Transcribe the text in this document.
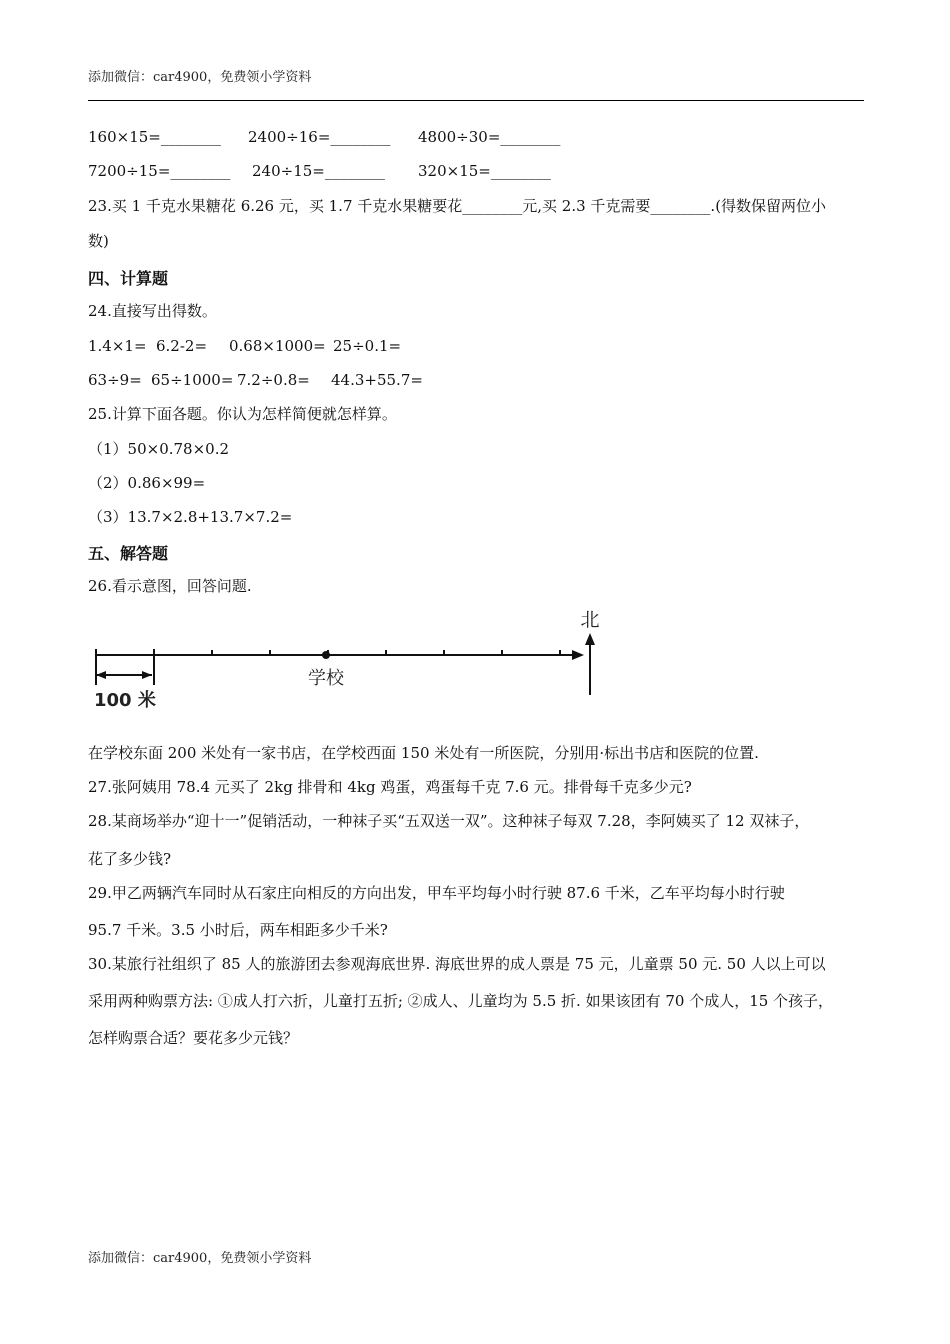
添加微信：car4900，免费领小学资料
160×15=________ 2400÷16=________ 4800÷30=________
7200÷15=________ 240÷15=________ 320×15=________
23.买 1 千克水果糖花 6.26 元，买 1.7 千克水果糖要花________元,买 2.3 千克需要________.(得数保留两位小
数)
四、计算题
24.直接写出得数。
1.4×1= 6.2-2= 0.68×1000= 25÷0.1=
63÷9= 65÷1000= 7.2÷0.8= 44.3+55.7=
25.计算下面各题。你认为怎样简便就怎样算。
（1）50×0.78×0.2
（2）0.86×99=
（3）13.7×2.8+13.7×7.2=
五、解答题
26.看示意图，回答问题.
学校
北
100 米
在学校东面 200 米处有一家书店，在学校西面 150 米处有一所医院，分别用·标出书店和医院的位置.
27.张阿姨用 78.4 元买了 2kg 排骨和 4kg 鸡蛋，鸡蛋每千克 7.6 元。排骨每千克多少元?
28.某商场举办“迎十一”促销活动，一种袜子买“五双送一双”。这种袜子每双 7.28，李阿姨买了 12 双袜子，
花了多少钱?
29.甲乙两辆汽车同时从石家庄向相反的方向出发，甲车平均每小时行驶 87.6 千米，乙车平均每小时行驶
95.7 千米。3.5 小时后，两车相距多少千米?
30.某旅行社组织了 85 人的旅游团去参观海底世界. 海底世界的成人票是 75 元，儿童票 50 元. 50 人以上可以
采用两种购票方法: ①成人打六折，儿童打五折; ②成人、儿童均为 5.5 折. 如果该团有 70 个成人，15 个孩子，
怎样购票合适？要花多少元钱？
添加微信：car4900，免费领小学资料
